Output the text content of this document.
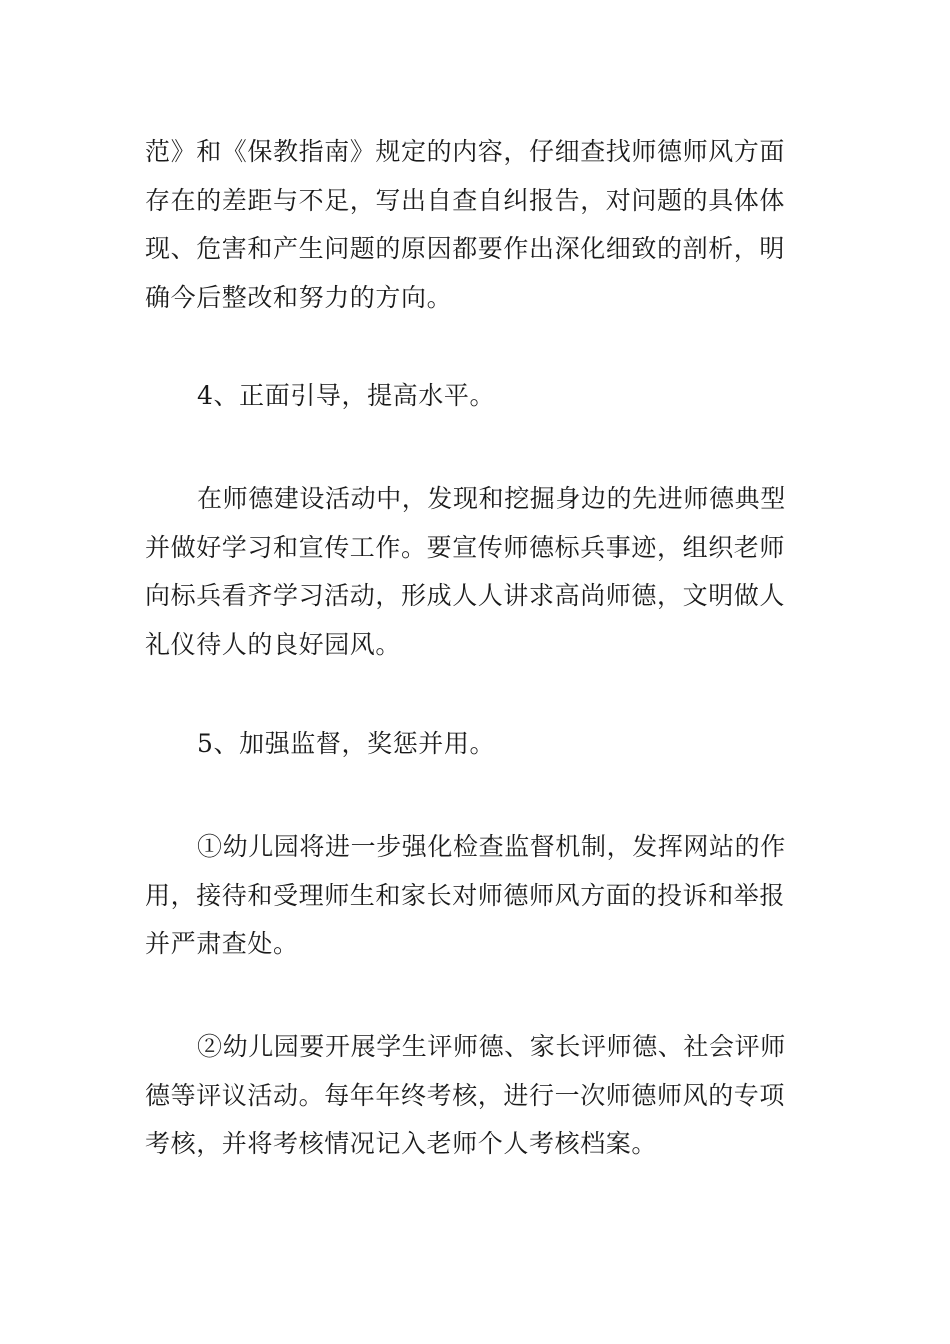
范》和《保教指南》规定的内容，仔细查找师德师风方面存在的差距与不足，写出自查自纠报告，对问题的具体体现、危害和产生问题的原因都要作出深化细致的剖析，明确今后整改和努力的方向。

4、正面引导，提高水平。

在师德建设活动中，发现和挖掘身边的先进师德典型并做好学习和宣传工作。要宣传师德标兵事迹，组织老师向标兵看齐学习活动，形成人人讲求高尚师德，文明做人礼仪待人的良好园风。

5、加强监督，奖惩并用。

①幼儿园将进一步强化检查监督机制，发挥网站的作用，接待和受理师生和家长对师德师风方面的投诉和举报并严肃查处。

②幼儿园要开展学生评师德、家长评师德、社会评师德等评议活动。每年年终考核，进行一次师德师风的专项考核，并将考核情况记入老师个人考核档案。
